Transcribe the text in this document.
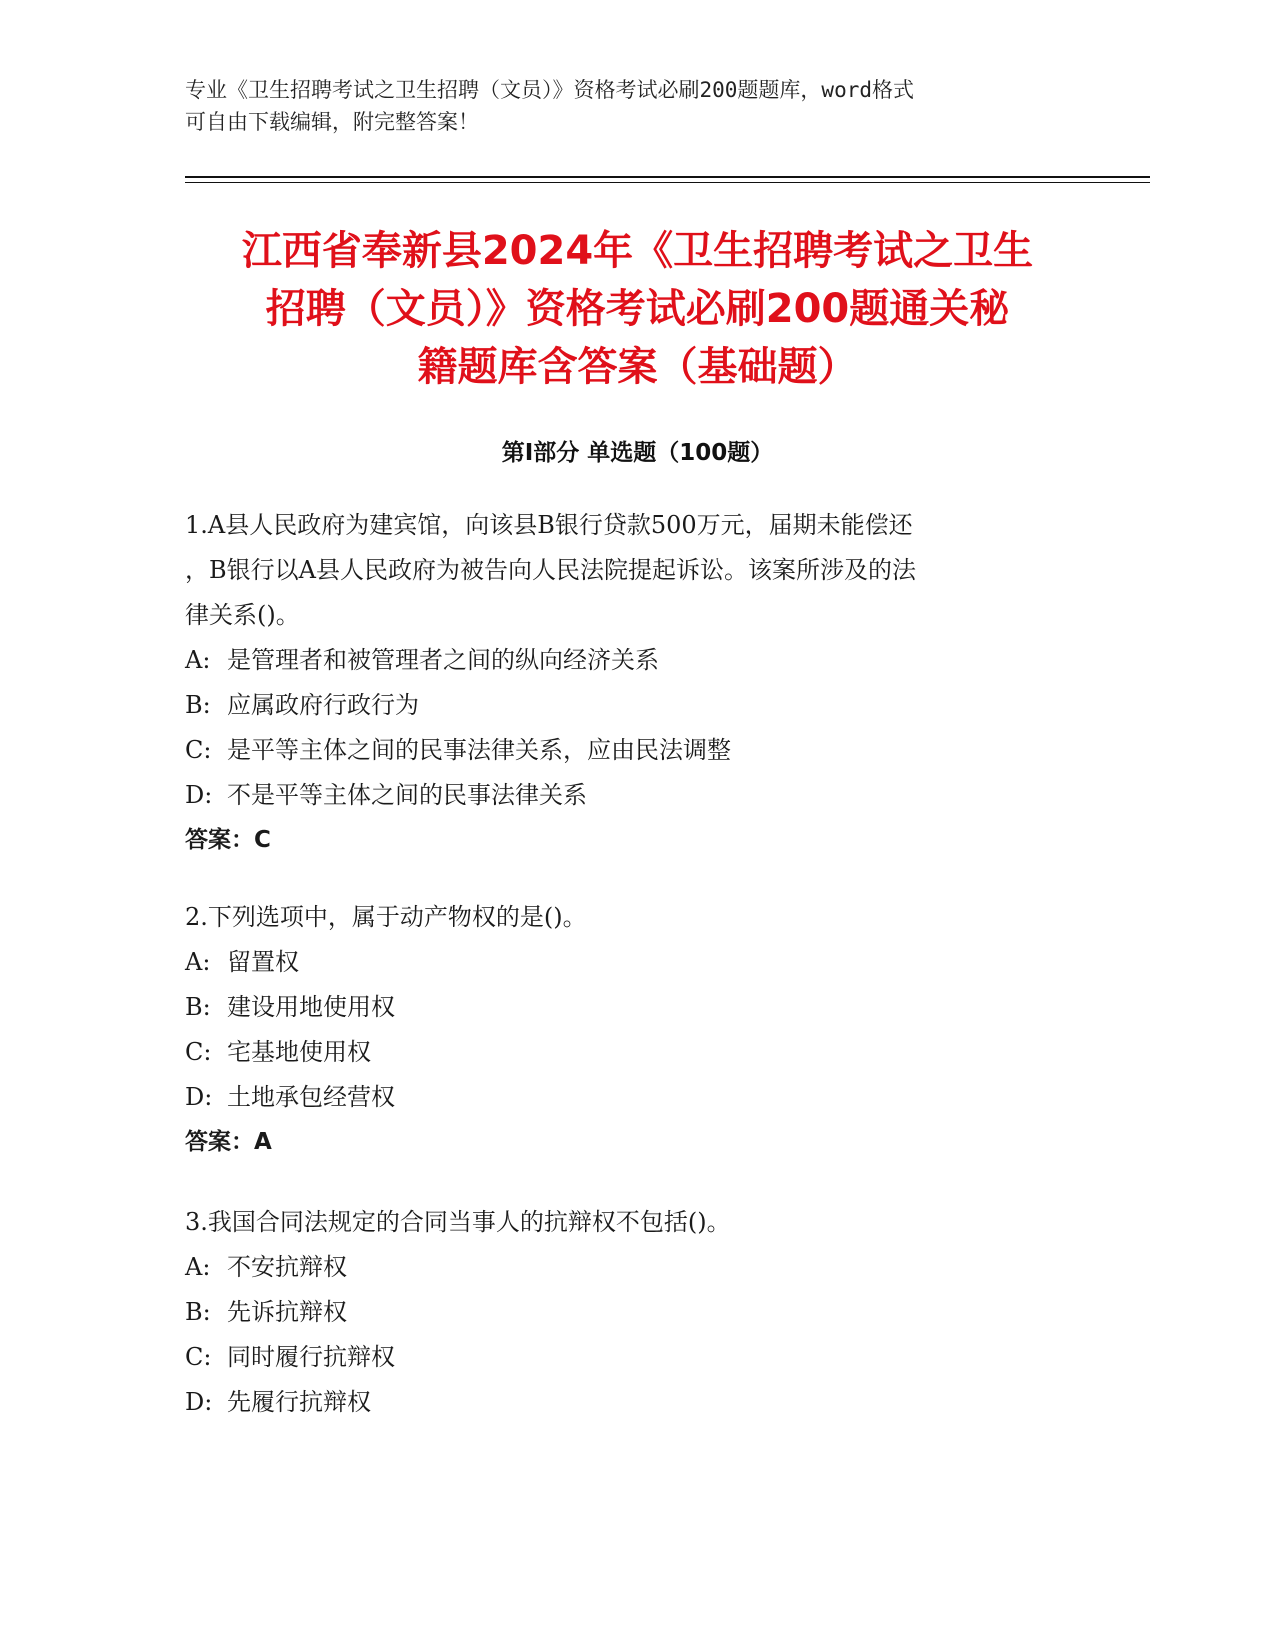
专业《卫生招聘考试之卫生招聘（文员）》资格考试必刷200题题库，word格式
可自由下载编辑，附完整答案！
江西省奉新县2024年《卫生招聘考试之卫生
招聘（文员）》资格考试必刷200题通关秘
籍题库含答案（基础题）
第Ⅰ部分 单选题（100题）
1.A县人民政府为建宾馆，向该县B银行贷款500万元，届期未能偿还
，B银行以A县人民政府为被告向人民法院提起诉讼。该案所涉及的法
律关系()。
A: 是管理者和被管理者之间的纵向经济关系
B: 应属政府行政行为
C: 是平等主体之间的民事法律关系，应由民法调整
D: 不是平等主体之间的民事法律关系
答案：C
2.下列选项中，属于动产物权的是()。
A: 留置权
B: 建设用地使用权
C: 宅基地使用权
D: 土地承包经营权
答案：A
3.我国合同法规定的合同当事人的抗辩权不包括()。
A: 不安抗辩权
B: 先诉抗辩权
C: 同时履行抗辩权
D: 先履行抗辩权
